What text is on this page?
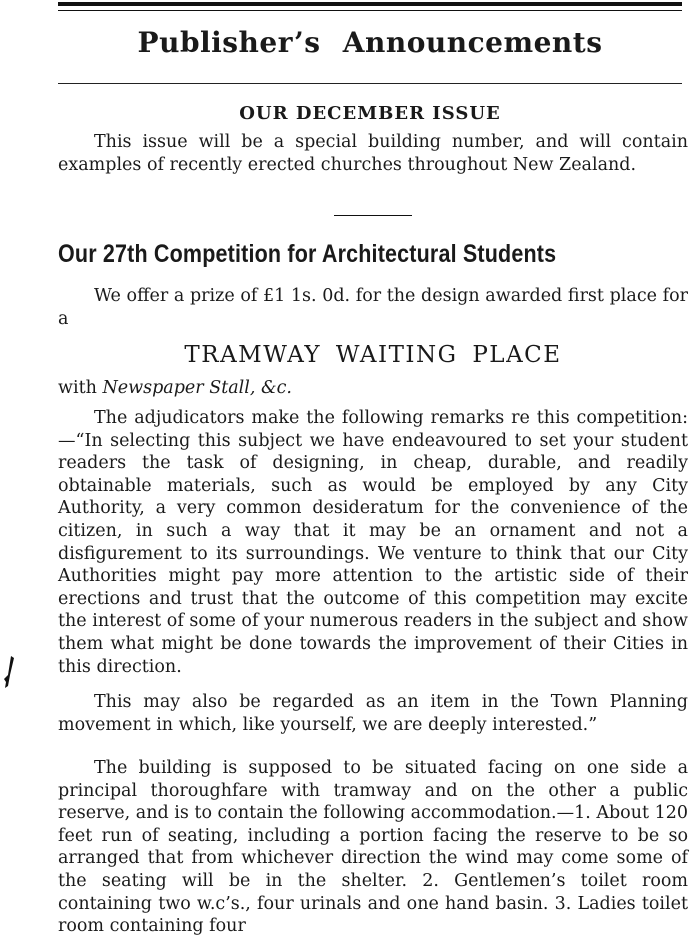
Publisher’s Announcements
OUR DECEMBER ISSUE

This issue will be a special building number, and will contain examples of recently erected churches throughout New Zealand.

Our 27th Competition for Architectural Students

We offer a prize of £1 1s. 0d. for the design awarded first place for a

TRAMWAY WAITING PLACE
with Newspaper Stall, &c.

The adjudicators make the following remarks re this competition:—“In selecting this subject we have endeavoured to set your student readers the task of designing, in cheap, durable, and readily obtainable materials, such as would be employed by any City Authority, a very common desideratum for the convenience of the citizen, in such a way that it may be an ornament and not a disfigurement to its surroundings. We venture to think that our City Authorities might pay more attention to the artistic side of their erections and trust that the outcome of this competition may excite the interest of some of your numerous readers in the subject and show them what might be done towards the improvement of their Cities in this direction.

This may also be regarded as an item in the Town Planning movement in which, like yourself, we are deeply interested.”

The building is supposed to be situated facing on one side a principal thoroughfare with tramway and on the other a public reserve, and is to contain the following accommodation.—1. About 120 feet run of seating, including a portion facing the reserve to be so arranged that from whichever direction the wind may come some of the seating will be in the shelter. 2. Gentlemen’s toilet room containing two w.c’s., four urinals and one hand basin. 3. Ladies toilet room containing four
